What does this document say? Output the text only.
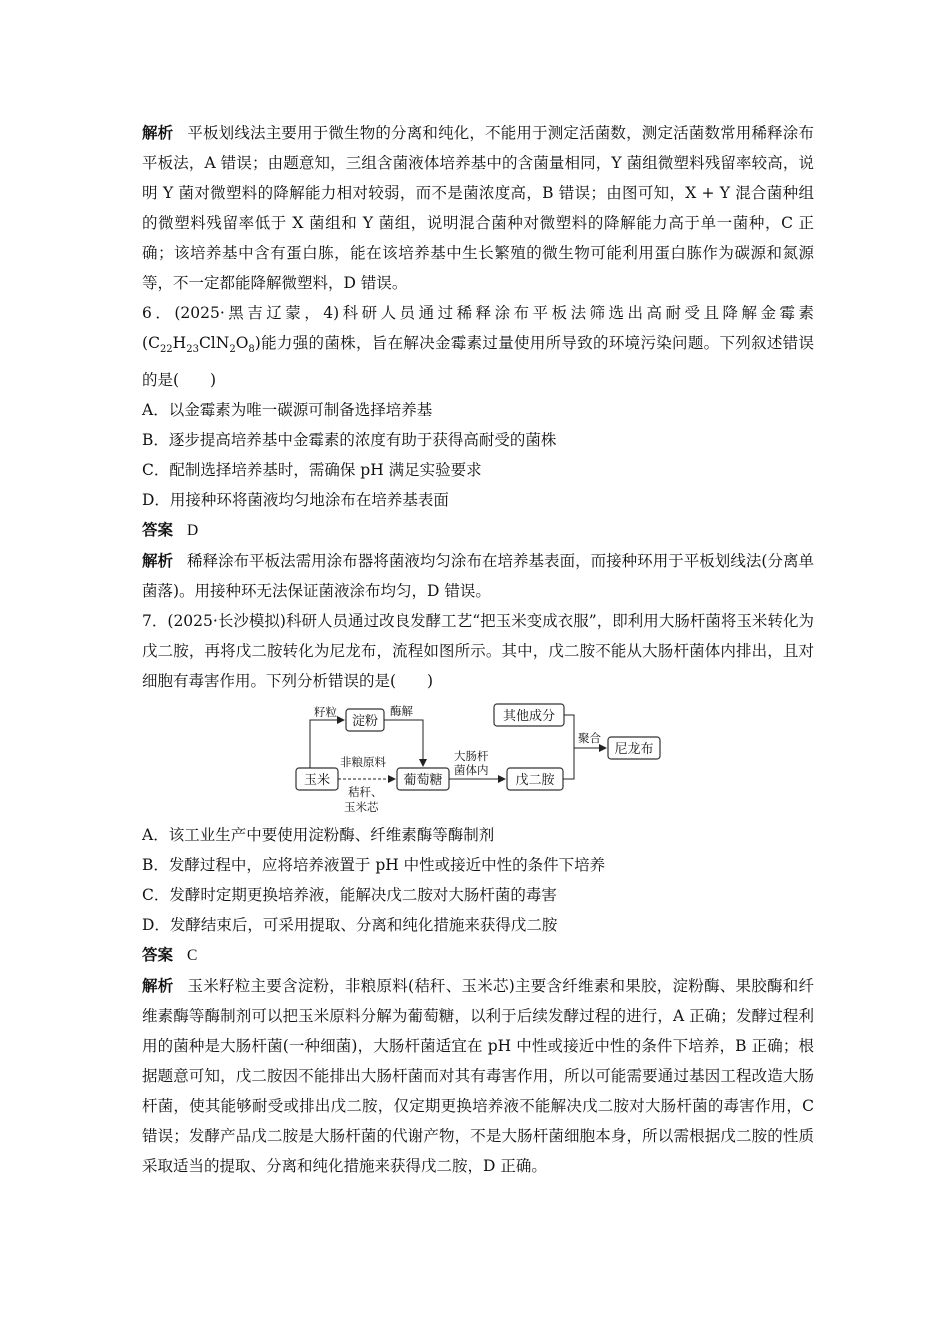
解析 平板划线法主要用于微生物的分离和纯化，不能用于测定活菌数，测定活菌数常用稀释涂布平板法，A 错误；由题意知，三组含菌液体培养基中的含菌量相同，Y 菌组微塑料残留率较高，说明 Y 菌对微塑料的降解能力相对较弱，而不是菌浓度高，B 错误；由图可知，X + Y 混合菌种组的微塑料残留率低于 X 菌组和 Y 菌组，说明混合菌种对微塑料的降解能力高于单一菌种，C 正确；该培养基中含有蛋白胨，能在该培养基中生长繁殖的微生物可能利用蛋白胨作为碳源和氮源等，不一定都能降解微塑料，D 错误。

6．(2025·黑吉辽蒙，4)科研人员通过稀释涂布平板法筛选出高耐受且降解金霉素$(C_{22}H_{23}ClN_2O_8)$能力强的菌株，旨在解决金霉素过量使用所导致的环境污染问题。下列叙述错误的是(　　)

A．以金霉素为唯一碳源可制备选择培养基

B．逐步提高培养基中金霉素的浓度有助于获得高耐受的菌株

C．配制选择培养基时，需确保 pH 满足实验要求

D．用接种环将菌液均匀地涂布在培养基表面

答案 D

解析 稀释涂布平板法需用涂布器将菌液均匀涂布在培养基表面，而接种环用于平板划线法(分离单菌落)。用接种环无法保证菌液涂布均匀，D 错误。

7．(2025·长沙模拟)科研人员通过改良发酵工艺“把玉米变成衣服”，即利用大肠杆菌将玉米转化为戊二胺，再将戊二胺转化为尼龙布，流程如图所示。其中，戊二胺不能从大肠杆菌体内排出，且对细胞有毒害作用。下列分析错误的是(　　)

玉米
淀粉
葡萄糖
其他成分
戊二胺
尼龙布
籽粒	酶解
非粮原料
秸秆、
玉米芯
大肠杆
菌体内
聚合

A．该工业生产中要使用淀粉酶、纤维素酶等酶制剂

B．发酵过程中，应将培养液置于 pH 中性或接近中性的条件下培养

C．发酵时定期更换培养液，能解决戊二胺对大肠杆菌的毒害

D．发酵结束后，可采用提取、分离和纯化措施来获得戊二胺

答案 C

解析 玉米籽粒主要含淀粉，非粮原料(秸秆、玉米芯)主要含纤维素和果胶，淀粉酶、果胶酶和纤维素酶等酶制剂可以把玉米原料分解为葡萄糖，以利于后续发酵过程的进行，A 正确；发酵过程利用的菌种是大肠杆菌(一种细菌)，大肠杆菌适宜在 pH 中性或接近中性的条件下培养，B 正确；根据题意可知，戊二胺因不能排出大肠杆菌而对其有毒害作用，所以可能需要通过基因工程改造大肠杆菌，使其能够耐受或排出戊二胺，仅定期更换培养液不能解决戊二胺对大肠杆菌的毒害作用，C 错误；发酵产品戊二胺是大肠杆菌的代谢产物，不是大肠杆菌细胞本身，所以需根据戊二胺的性质采取适当的提取、分离和纯化措施来获得戊二胺，D 正确。
